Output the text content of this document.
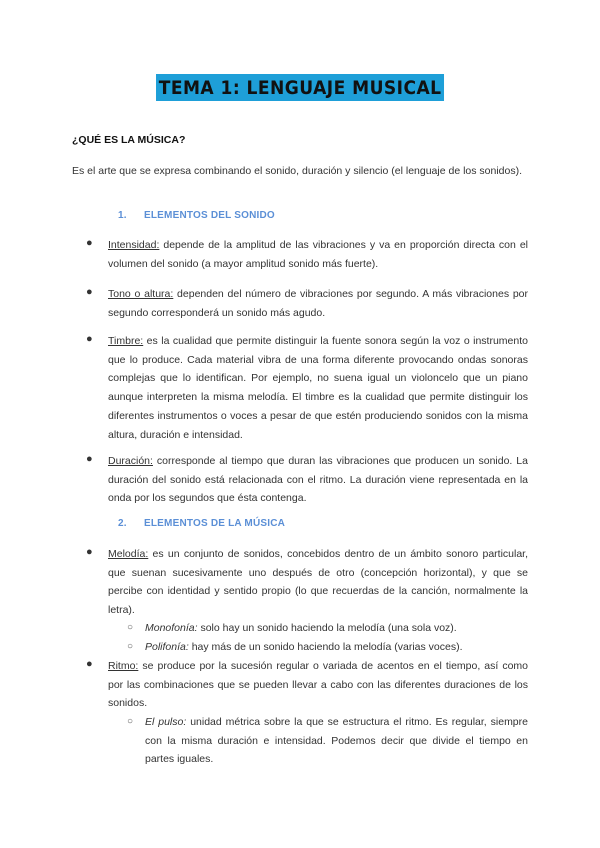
TEMA 1: LENGUAJE MUSICAL
¿QUÉ ES LA MÚSICA?
Es el arte que se expresa combinando el sonido, duración y silencio (el lenguaje de los sonidos).
1. ELEMENTOS DEL SONIDO
● Intensidad: depende de la amplitud de las vibraciones y va en proporción directa con el volumen del sonido (a mayor amplitud sonido más fuerte).
● Tono o altura: dependen del número de vibraciones por segundo. A más vibraciones por segundo corresponderá un sonido más agudo.
● Timbre: es la cualidad que permite distinguir la fuente sonora según la voz o instrumento que lo produce. Cada material vibra de una forma diferente provocando ondas sonoras complejas que lo identifican. Por ejemplo, no suena igual un violoncelo que un piano aunque interpreten la misma melodía. El timbre es la cualidad que permite distinguir los diferentes instrumentos o voces a pesar de que estén produciendo sonidos con la misma altura, duración e intensidad.
● Duración: corresponde al tiempo que duran las vibraciones que producen un sonido. La duración del sonido está relacionada con el ritmo. La duración viene representada en la onda por los segundos que ésta contenga.
2. ELEMENTOS DE LA MÚSICA
● Melodía: es un conjunto de sonidos, concebidos dentro de un ámbito sonoro particular, que suenan sucesivamente uno después de otro (concepción horizontal), y que se percibe con identidad y sentido propio (lo que recuerdas de la canción, normalmente la letra).
○ Monofonía: solo hay un sonido haciendo la melodía (una sola voz).
○ Polifonía: hay más de un sonido haciendo la melodía (varias voces).
● Ritmo: se produce por la sucesión regular o variada de acentos en el tiempo, así como por las combinaciones que se pueden llevar a cabo con las diferentes duraciones de los sonidos.
○ El pulso: unidad métrica sobre la que se estructura el ritmo. Es regular, siempre con la misma duración e intensidad. Podemos decir que divide el tiempo en partes iguales.
